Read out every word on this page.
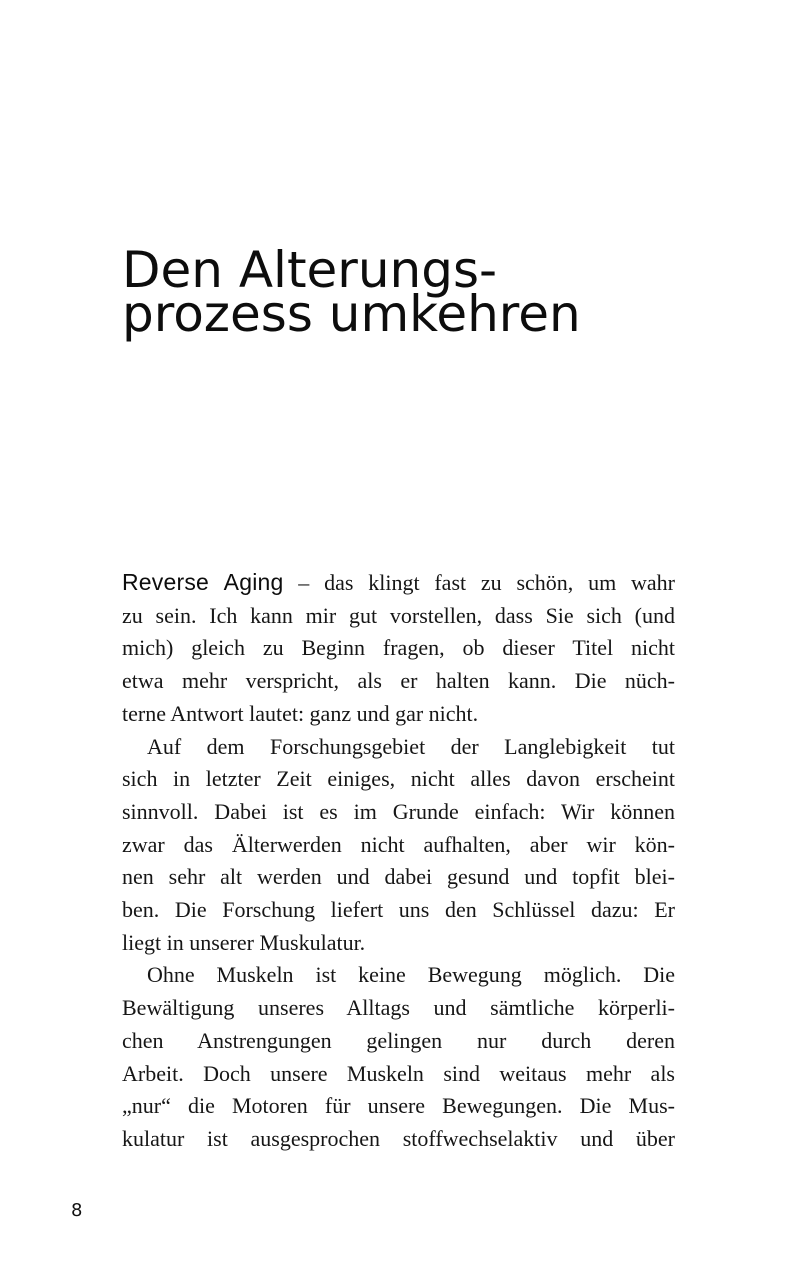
Den Alterungs-
prozess umkehren
Reverse Aging – das klingt fast zu schön, um wahr
zu sein. Ich kann mir gut vorstellen, dass Sie sich (und
mich) gleich zu Beginn fragen, ob dieser Titel nicht
etwa mehr verspricht, als er halten kann. Die nüch-
terne Antwort lautet: ganz und gar nicht.
Auf dem Forschungsgebiet der Langlebigkeit tut
sich in letzter Zeit einiges, nicht alles davon erscheint
sinnvoll. Dabei ist es im Grunde einfach: Wir können
zwar das Älterwerden nicht aufhalten, aber wir kön-
nen sehr alt werden und dabei gesund und topfit blei-
ben. Die Forschung liefert uns den Schlüssel dazu: Er
liegt in unserer Muskulatur.
Ohne Muskeln ist keine Bewegung möglich. Die
Bewältigung unseres Alltags und sämtliche körperli-
chen Anstrengungen gelingen nur durch deren
Arbeit. Doch unsere Muskeln sind weitaus mehr als
„nur“ die Motoren für unsere Bewegungen. Die Mus-
kulatur ist ausgesprochen stoffwechselaktiv und über
8
